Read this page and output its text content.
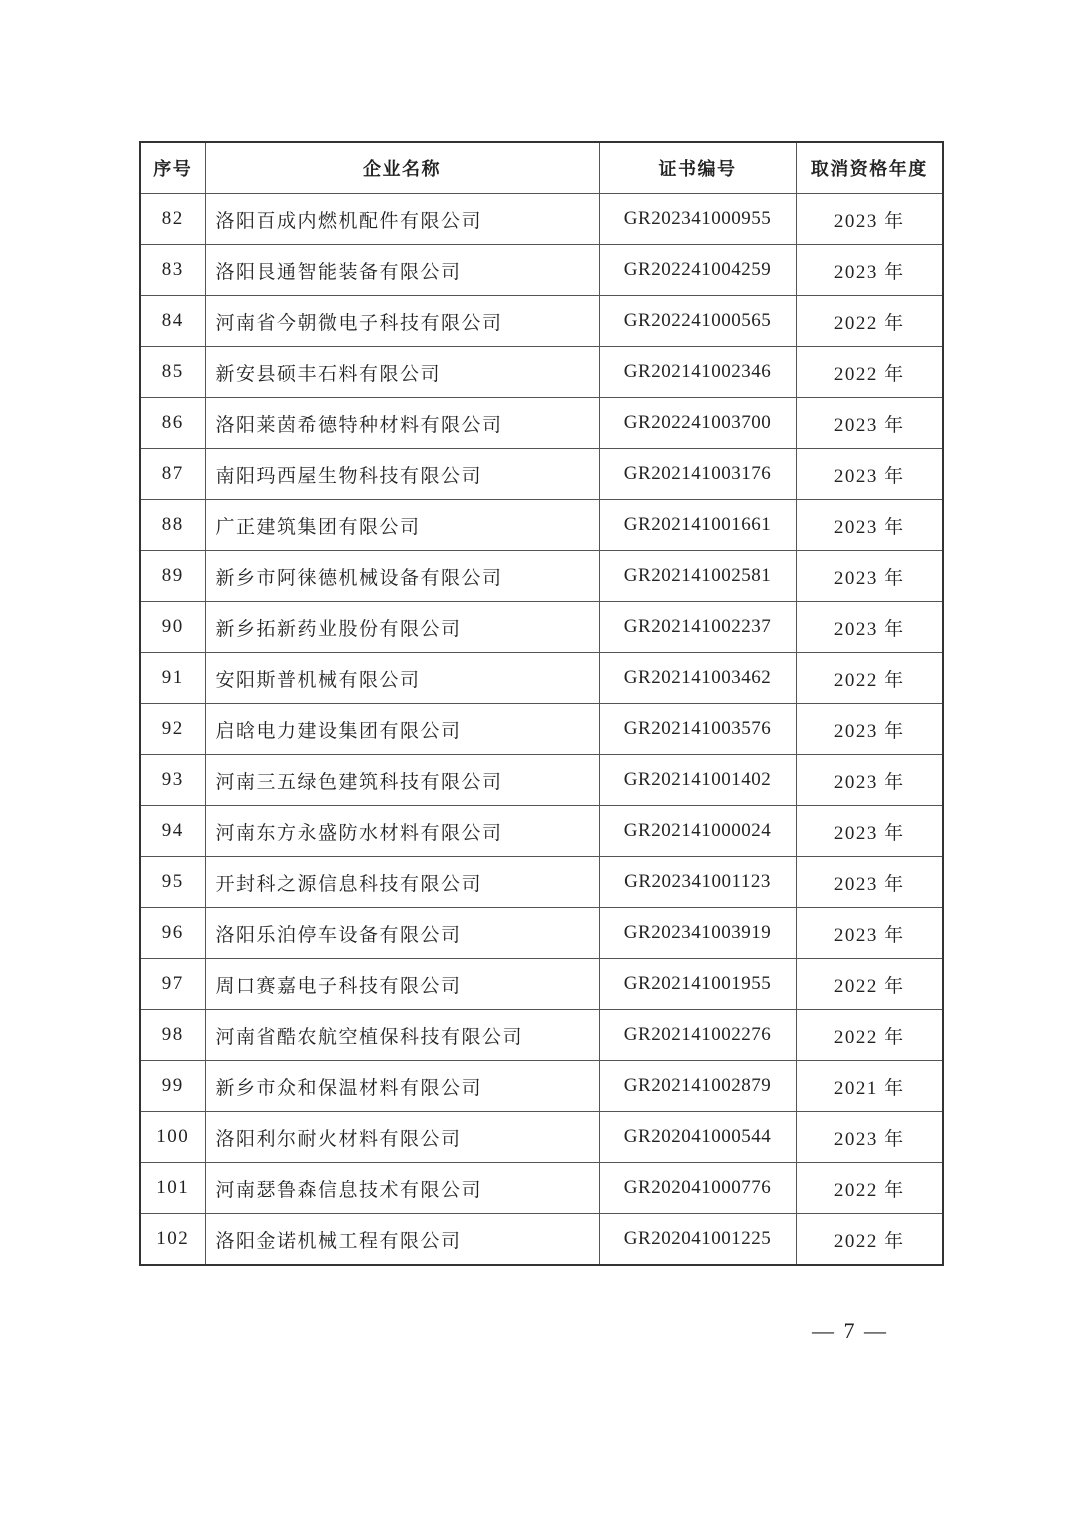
序号	企业名称	证书编号	取消资格年度
82	洛阳百成内燃机配件有限公司	GR202341000955	2023 年
83	洛阳艮通智能装备有限公司	GR202241004259	2023 年
84	河南省今朝微电子科技有限公司	GR202241000565	2022 年
85	新安县硕丰石料有限公司	GR202141002346	2022 年
86	洛阳莱茵希德特种材料有限公司	GR202241003700	2023 年
87	南阳玛西屋生物科技有限公司	GR202141003176	2023 年
88	广正建筑集团有限公司	GR202141001661	2023 年
89	新乡市阿徕德机械设备有限公司	GR202141002581	2023 年
90	新乡拓新药业股份有限公司	GR202141002237	2023 年
91	安阳斯普机械有限公司	GR202141003462	2022 年
92	启晗电力建设集团有限公司	GR202141003576	2023 年
93	河南三五绿色建筑科技有限公司	GR202141001402	2023 年
94	河南东方永盛防水材料有限公司	GR202141000024	2023 年
95	开封科之源信息科技有限公司	GR202341001123	2023 年
96	洛阳乐泊停车设备有限公司	GR202341003919	2023 年
97	周口赛嘉电子科技有限公司	GR202141001955	2022 年
98	河南省酷农航空植保科技有限公司	GR202141002276	2022 年
99	新乡市众和保温材料有限公司	GR202141002879	2021 年
100	洛阳利尔耐火材料有限公司	GR202041000544	2023 年
101	河南瑟鲁森信息技术有限公司	GR202041000776	2022 年
102	洛阳金诺机械工程有限公司	GR202041001225	2022 年
— 7 —
